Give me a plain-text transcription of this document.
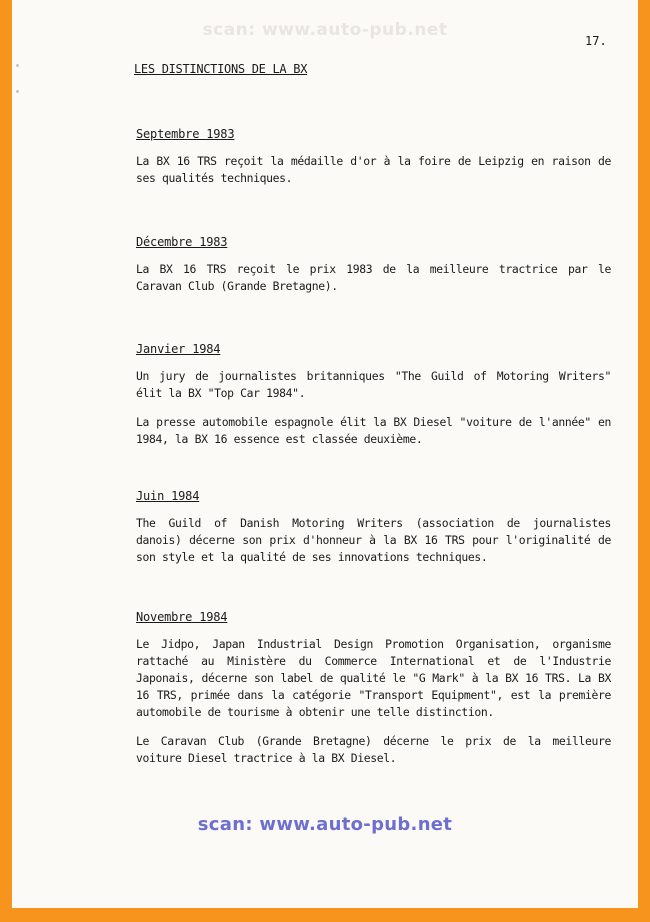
scan: www.auto-pub.net
17.
LES DISTINCTIONS DE LA BX
Septembre 1983

La BX 16 TRS reçoit la médaille d'or à la foire de Leipzig en raison de ses qualités techniques.

Décembre 1983

La BX 16 TRS reçoit le prix 1983 de la meilleure tractrice par le Caravan Club (Grande Bretagne).

Janvier 1984

Un jury de journalistes britanniques "The Guild of Motoring Writers" élit la BX "Top Car 1984".

La presse automobile espagnole élit la BX Diesel "voiture de l'année" en 1984, la BX 16 essence est classée deuxième.

Juin 1984

The Guild of Danish Motoring Writers (association de journalistes danois) décerne son prix d'honneur à la BX 16 TRS pour l'originalité de son style et la qualité de ses innovations techniques.

Novembre 1984

Le Jidpo, Japan Industrial Design Promotion Organisation, organisme rattaché au Ministère du Commerce International et de l'Industrie Japonais, décerne son label de qualité le "G Mark" à la BX 16 TRS. La BX 16 TRS, primée dans la catégorie "Transport Equipment", est la première automobile de tourisme à obtenir une telle distinction.

Le Caravan Club (Grande Bretagne) décerne le prix de la meilleure voiture Diesel tractrice à la BX Diesel.

scan: www.auto-pub.net
